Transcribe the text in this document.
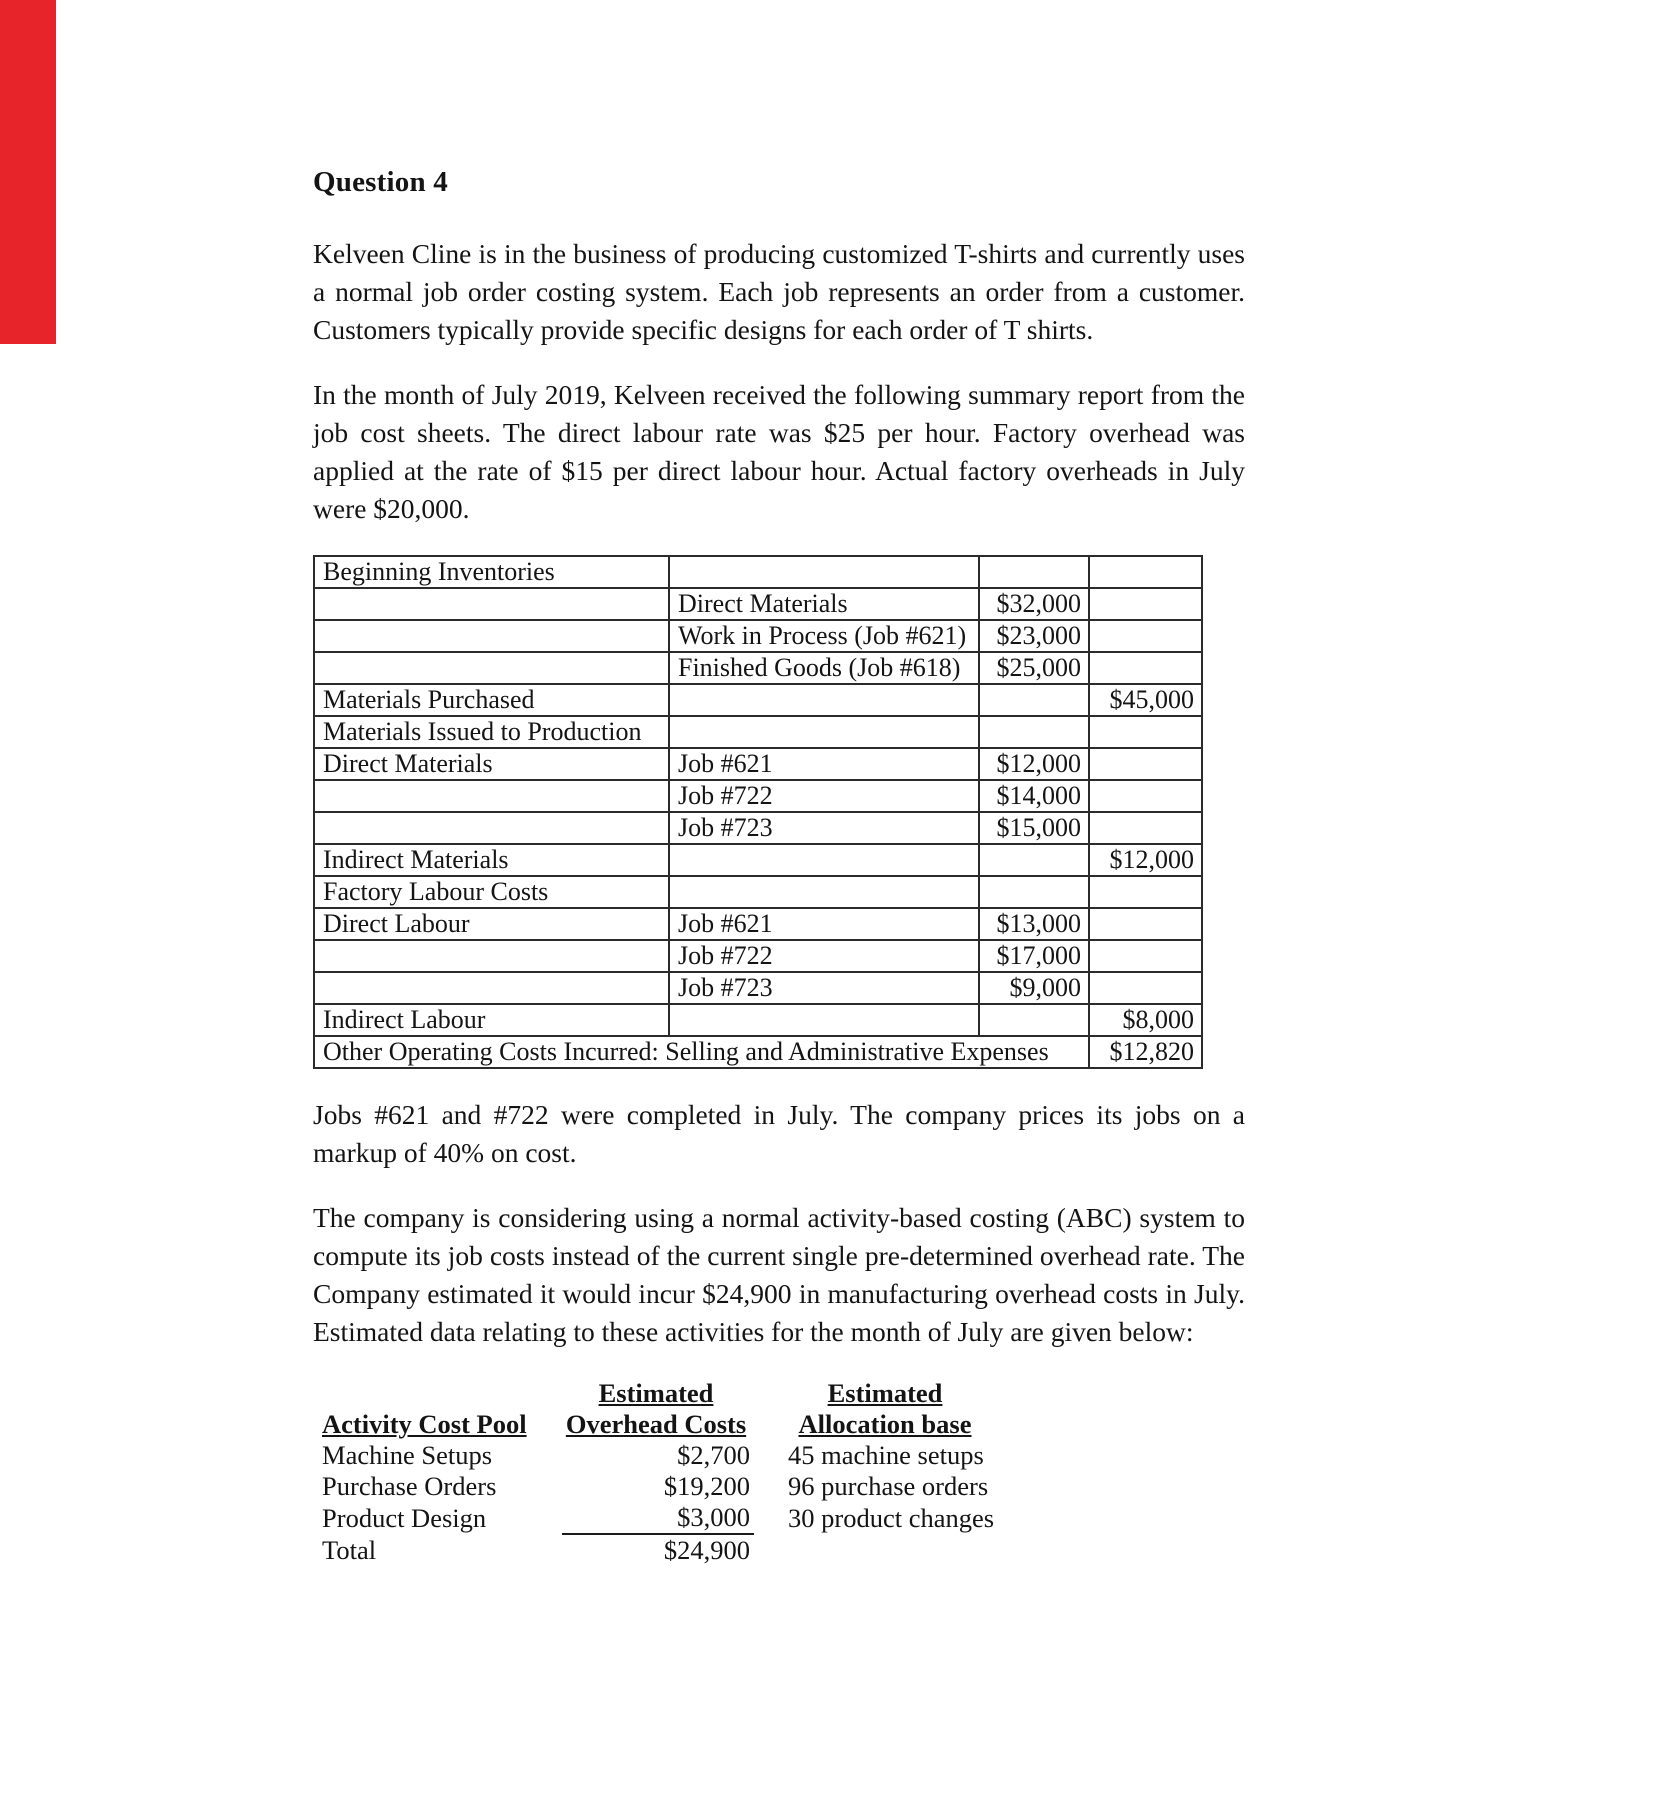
Question 4

Kelveen Cline is in the business of producing customized T-shirts and currently uses a normal job order costing system. Each job represents an order from a customer. Customers typically provide specific designs for each order of T shirts.

In the month of July 2019, Kelveen received the following summary report from the job cost sheets. The direct labour rate was $25 per hour. Factory overhead was applied at the rate of $15 per direct labour hour. Actual factory overheads in July were $20,000.

Beginning Inventories			
	Direct Materials	$32,000	
	Work in Process (Job #621)	$23,000	
	Finished Goods (Job #618)	$25,000	
Materials Purchased			$45,000
Materials Issued to Production			
Direct Materials	Job #621	$12,000	
	Job #722	$14,000	
	Job #723	$15,000	
Indirect Materials			$12,000
Factory Labour Costs			
Direct Labour	Job #621	$13,000	
	Job #722	$17,000	
	Job #723	$9,000	
Indirect Labour			$8,000
Other Operating Costs Incurred: Selling and Administrative Expenses			$12,820

Jobs #621 and #722 were completed in July. The company prices its jobs on a markup of 40% on cost.

The company is considering using a normal activity-based costing (ABC) system to compute its job costs instead of the current single pre-determined overhead rate. The Company estimated it would incur $24,900 in manufacturing overhead costs in July. Estimated data relating to these activities for the month of July are given below:

	Estimated	Estimated
Activity Cost Pool	Overhead Costs	Allocation base
Machine Setups	$2,700	45 machine setups
Purchase Orders	$19,200	96 purchase orders
Product Design	$3,000	30 product changes
Total	$24,900	
